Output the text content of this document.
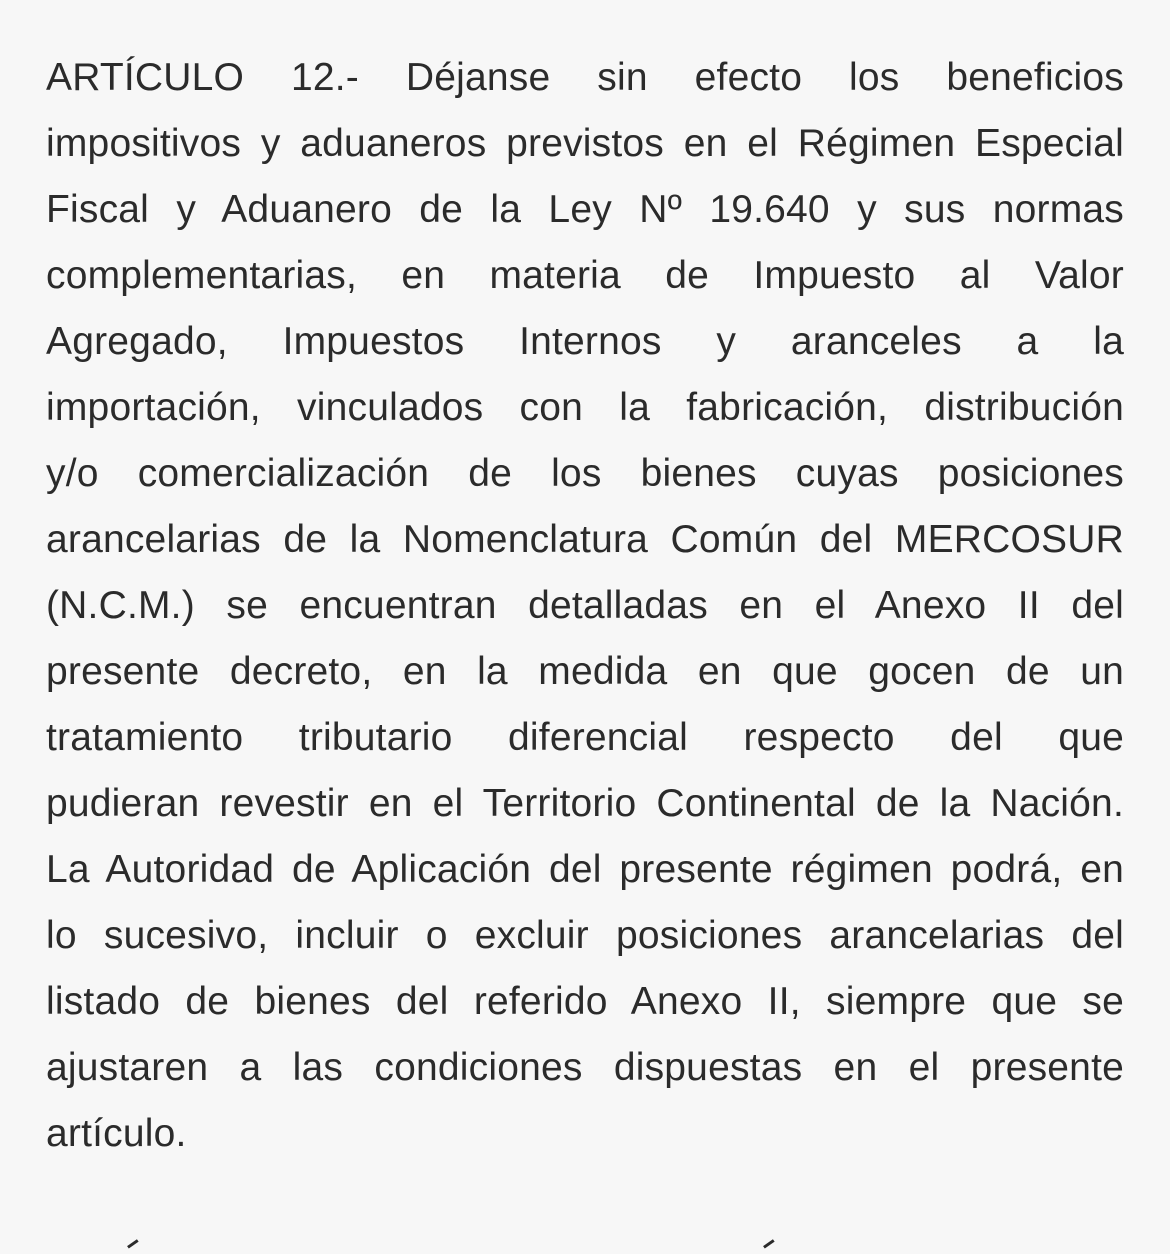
ARTÍCULO 12.- Déjanse sin efecto los beneficios
impositivos y aduaneros previstos en el Régimen Especial
Fiscal y Aduanero de la Ley Nº 19.640 y sus normas
complementarias, en materia de Impuesto al Valor
Agregado, Impuestos Internos y aranceles a la
importación, vinculados con la fabricación, distribución
y/o comercialización de los bienes cuyas posiciones
arancelarias de la Nomenclatura Común del MERCOSUR
(N.C.M.) se encuentran detalladas en el Anexo II del
presente decreto, en la medida en que gocen de un
tratamiento tributario diferencial respecto del que
pudieran revestir en el Territorio Continental de la Nación.
La Autoridad de Aplicación del presente régimen podrá, en
lo sucesivo, incluir o excluir posiciones arancelarias del
listado de bienes del referido Anexo II, siempre que se
ajustaren a las condiciones dispuestas en el presente
artículo.
